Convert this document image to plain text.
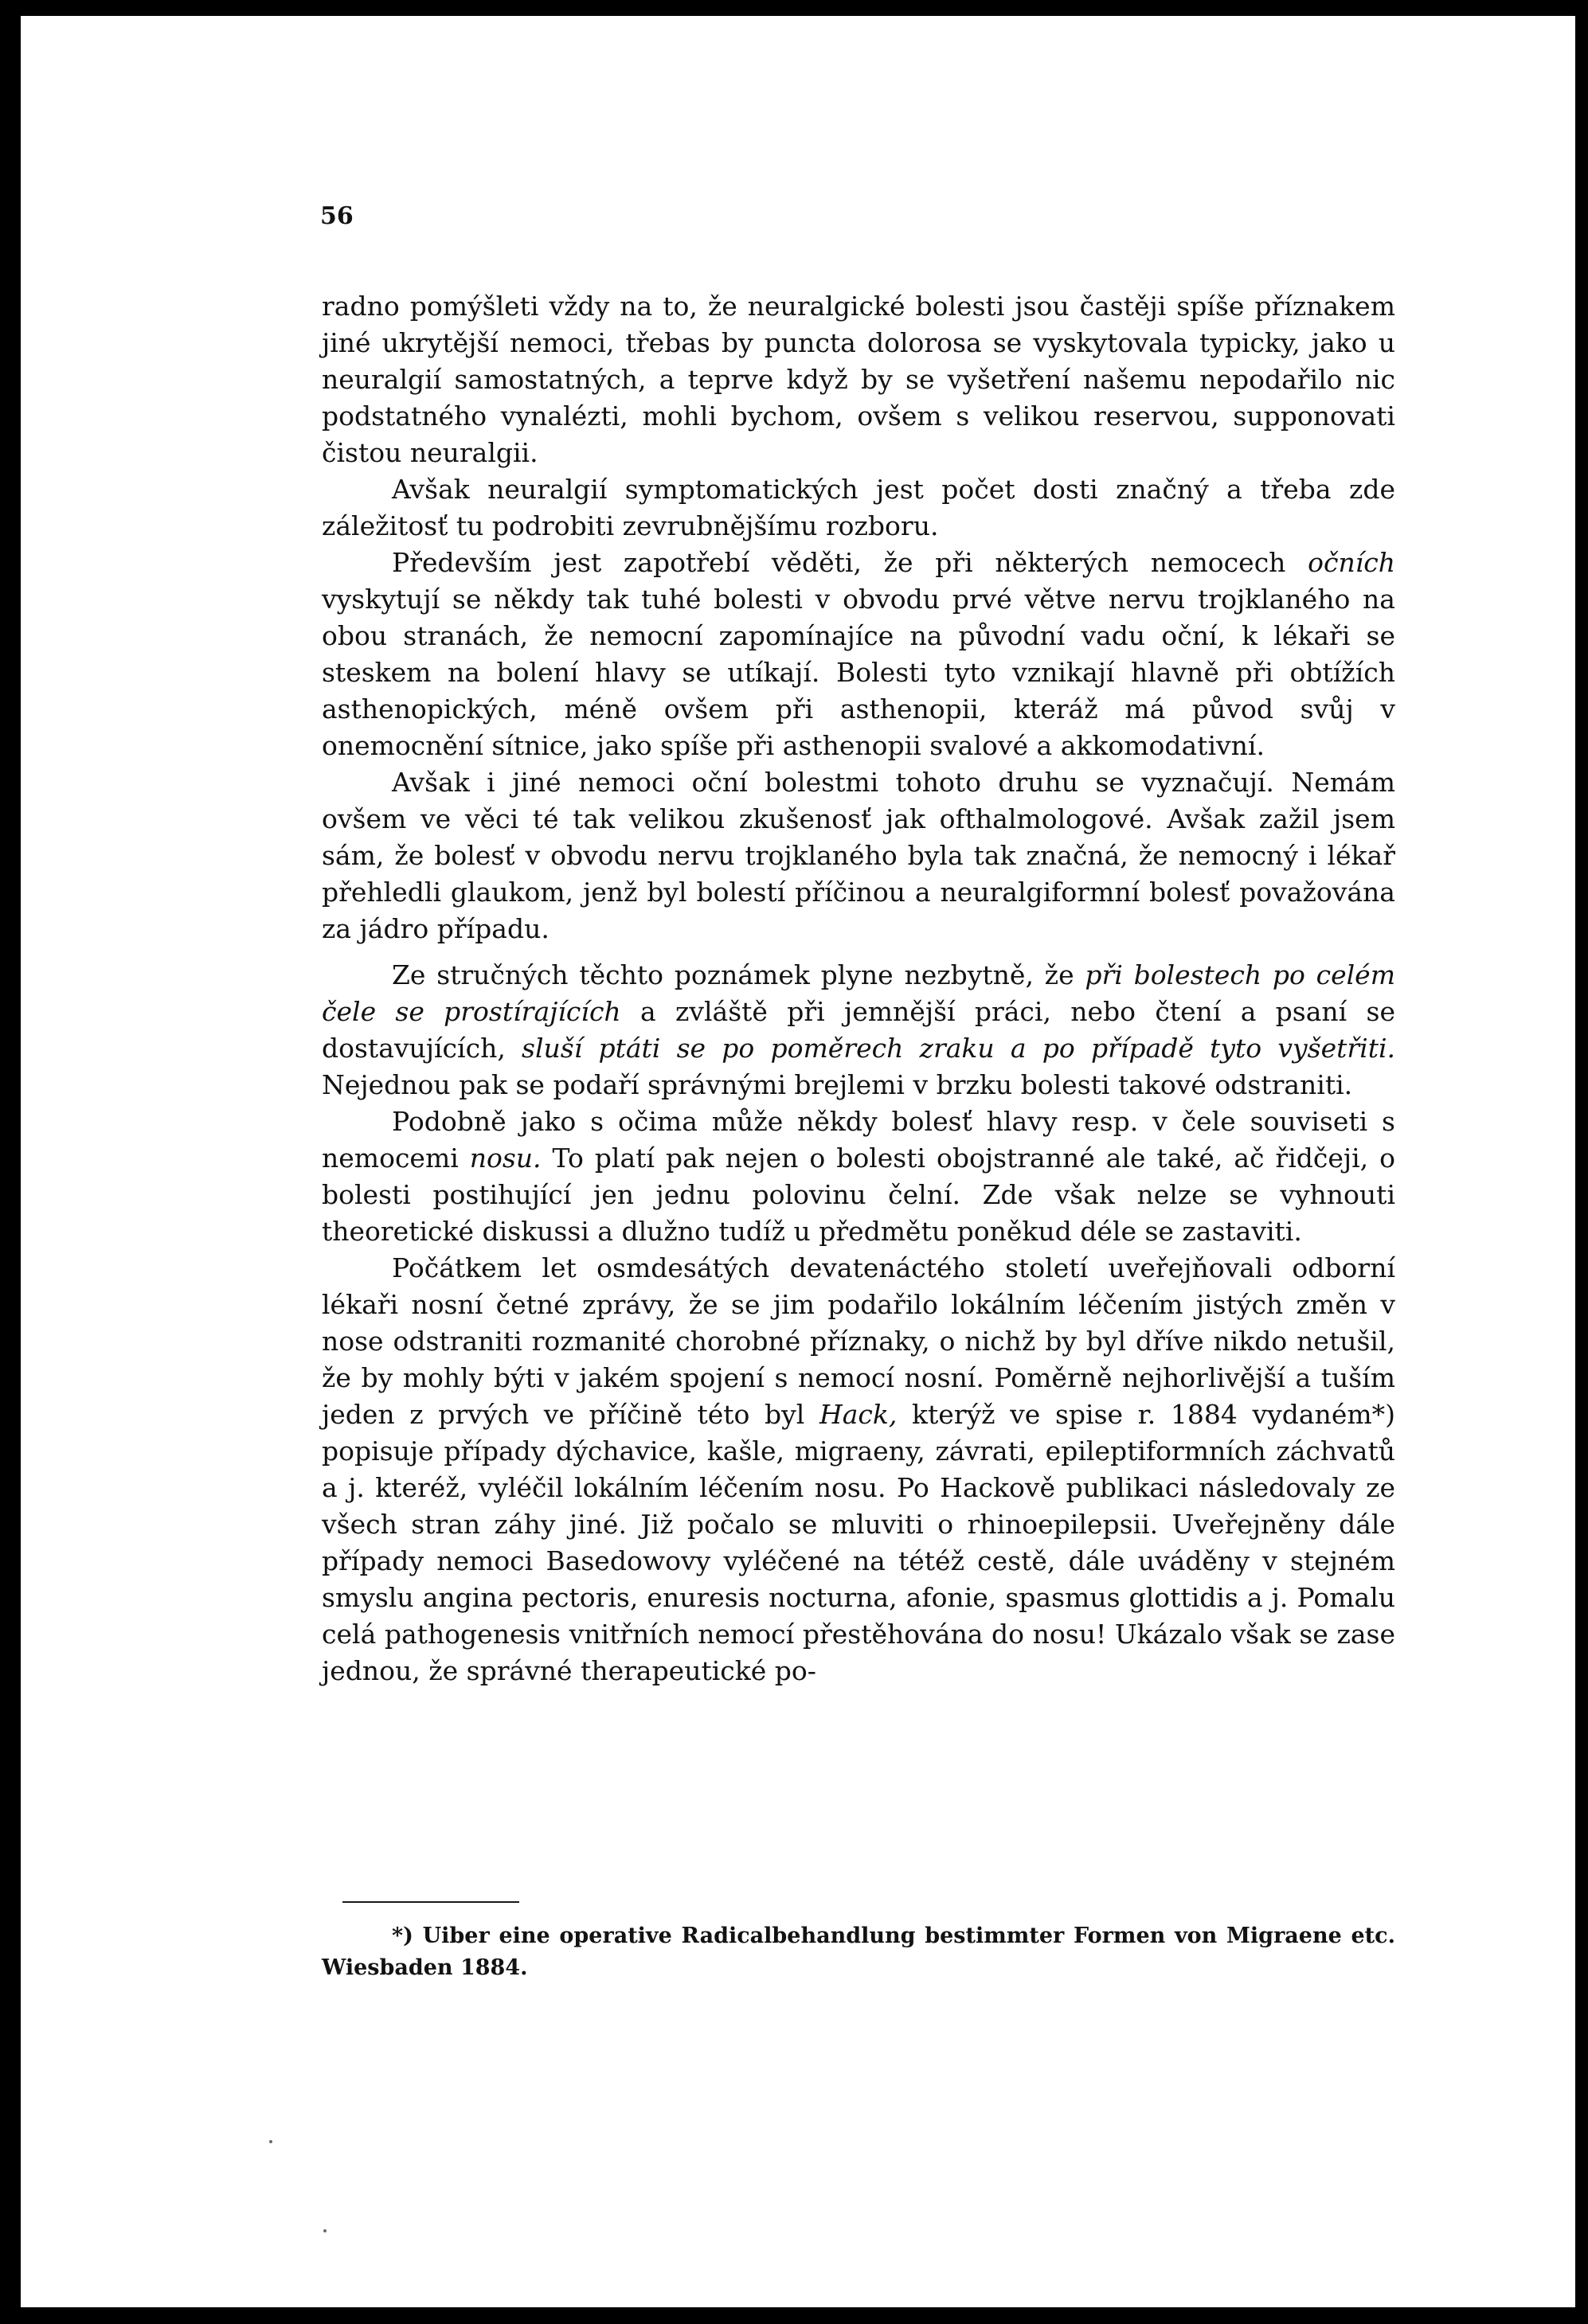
56

radno pomýšleti vždy na to, že neuralgické bolesti jsou častěji spíše příznakem jiné ukrytější nemoci, třebas by puncta dolorosa se vyskytovala typicky, jako u neuralgií samostatných, a teprve když by se vyšetření našemu nepodařilo nic podstatného vynalézti, mohli bychom, ovšem s velikou reservou, supponovati čistou neuralgii.

Avšak neuralgií symptomatických jest počet dosti značný a třeba zde záležitosť tu podrobiti zevrubnějšímu rozboru.

Především jest zapotřebí věděti, že při některých nemocech očních vyskytují se někdy tak tuhé bolesti v obvodu prvé větve nervu trojklaného na obou stranách, že nemocní zapomínajíce na původní vadu oční, k lékaři se steskem na bolení hlavy se utíkají. Bolesti tyto vznikají hlavně při obtížích asthenopických, méně ovšem při asthenopii, kteráž má původ svůj v onemocnění sítnice, jako spíše při asthenopii svalové a akkomodativní.

Avšak i jiné nemoci oční bolestmi tohoto druhu se vyznačují. Nemám ovšem ve věci té tak velikou zkušenosť jak ofthalmologové. Avšak zažil jsem sám, že bolesť v obvodu nervu trojklaného byla tak značná, že nemocný i lékař přehledli glaukom, jenž byl bolestí příčinou a neuralgiformní bolesť považována za jádro případu.

Ze stručných těchto poznámek plyne nezbytně, že při bolestech po celém čele se prostírajících a zvláště při jemnější práci, nebo čtení a psaní se dostavujících, sluší ptáti se po poměrech zraku a po případě tyto vyšetřiti. Nejednou pak se podaří správnými brejlemi v brzku bolesti takové odstraniti.

Podobně jako s očima může někdy bolesť hlavy resp. v čele souviseti s nemocemi nosu. To platí pak nejen o bolesti obojstranné ale také, ač řidčeji, o bolesti postihující jen jednu polovinu čelní. Zde však nelze se vyhnouti theoretické diskussi a dlužno tudíž u předmětu poněkud déle se zastaviti.

Počátkem let osmdesátých devatenáctého století uveřejňovali odborní lékaři nosní četné zprávy, že se jim podařilo lokálním léčením jistých změn v nose odstraniti rozmanité chorobné příznaky, o nichž by byl dříve nikdo netušil, že by mohly býti v jakém spojení s nemocí nosní. Poměrně nejhorlivější a tuším jeden z prvých ve příčině této byl Hack, kterýž ve spise r. 1884 vydaném*) popisuje případy dýchavice, kašle, migraeny, závrati, epileptiformních záchvatů a j. kteréž, vyléčil lokálním léčením nosu. Po Hackově publikaci následovaly ze všech stran záhy jiné. Již počalo se mluviti o rhinoepilepsii. Uveřejněny dále případy nemoci Basedowovy vyléčené na tétéž cestě, dále uváděny v stejném smyslu angina pectoris, enuresis nocturna, afonie, spasmus glottidis a j. Pomalu celá pathogenesis vnitřních nemocí přestěhována do nosu! Ukázalo však se zase jednou, že správné therapeutické po-

*) Uiber eine operative Radicalbehandlung bestimmter Formen von Migraene etc. Wiesbaden 1884.
